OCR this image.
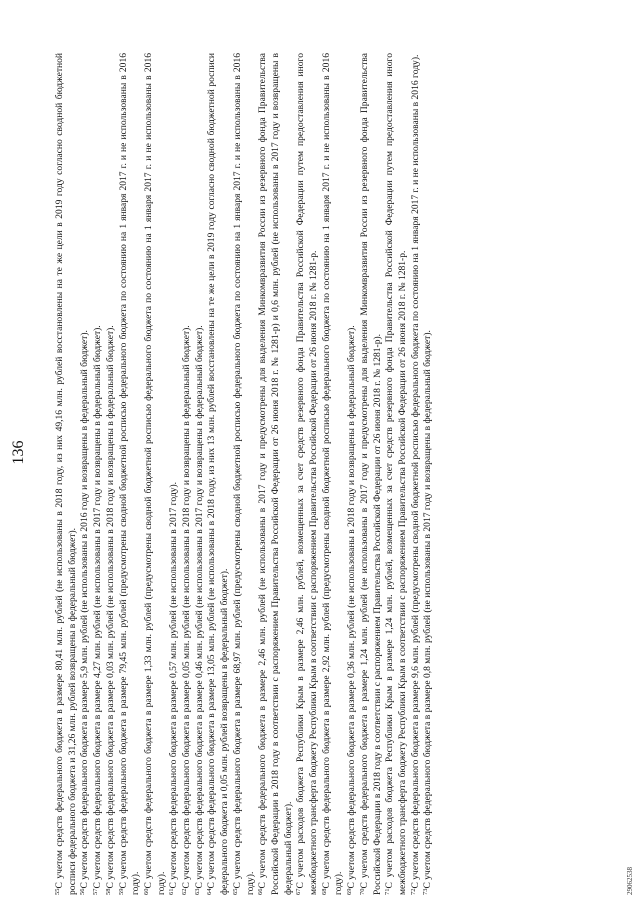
136

$^{55}$С учетом средств федерального бюджета в размере 80,41 млн. рублей (не использованы в 2018 году, из них 49,16 млн. рублей восстановлены на те же цели в 2019 году согласно сводной бюджетной росписи федерального бюджета и 31,26 млн. рублей возвращены в федеральный бюджет). $^{56}$С учетом средств федерального бюджета в размере 5,9 млн. рублей (не использованы в 2016 году и возвращены в федеральный бюджет).

$^{57}$С учетом средств федерального бюджета в размере 4,27 млн. рублей (не использованы в 2017 году и возвращены в федеральный бюджет).

$^{58}$С учетом средств федерального бюджета в размере 0,03 млн. рублей (не использованы в 2018 году и возвращены в федеральный бюджет).

$^{59}$С учетом средств федерального бюджета в размере 79,45 млн. рублей (предусмотрены сводной бюджетной росписью федерального бюджета по состоянию на 1 января 2017 г. и не использованы в 2016 году). $^{60}$С учетом средств федерального бюджета в размере 1,33 млн. рублей (предусмотрены сводной бюджетной росписью федерального бюджета по состоянию на 1 января 2017 г. и не использованы в 2016 году). $^{61}$С учетом средств федерального бюджета в размере 0,57 млн. рублей (не использованы в 2017 году).

$^{62}$С учетом средств федерального бюджета в размере 0,05 млн. рублей (не использованы в 2018 году и возвращены в федеральный бюджет).

$^{63}$С учетом средств федерального бюджета в размере 0,46 млн. рублей (не использованы в 2017 году и возвращены в федеральный бюджет).

$^{64}$С учетом средств федерального бюджета в размере 13,05 млн. рублей (не использованы в 2018 году, из них 13 млн. рублей восстановлены на те же цели в 2019 году согласно сводной бюджетной росписи федерального бюджета и 0,05 млн. рублей возвращены в федеральный бюджет). $^{65}$С учетом средств федерального бюджета в размере 68,97 млн. рублей (предусмотрены сводной бюджетной росписью федерального бюджета по состоянию на 1 января 2017 г. и не использованы в 2016 году). $^{66}$С учетом средств федерального бюджета в размере 2,46 млн. рублей (не использованы в 2017 году и предусмотрены для выделения Минкомвразвития России из резервного фонда Правительства Российской Федерации в 2018 году в соответствии с распоряжением Правительства Российской Федерации от 26 июня 2018 г. № 1281-р) и 0,6 млн. рублей (не использованы в 2017 году и возвращены в федеральный бюджет). $^{67}$С учетом расходов бюджета Республики Крым в размере 2,46 млн. рублей, возмещенных за счет средств резервного фонда Правительства Российской Федерации путем предоставления иного межбюджетного трансферта бюджету Республики Крым в соответствии с распоряжением Правительства Российской Федерации от 26 июня 2018 г. № 1281-р. $^{68}$С учетом средств федерального бюджета в размере 2,92 млн. рублей (предусмотрены сводной бюджетной росписью федерального бюджета по состоянию на 1 января 2017 г. и не использованы в 2016 году). $^{69}$С учетом средств федерального бюджета в размере 0,36 млн. рублей (не использованы в 2018 году и возвращены в федеральный бюджет).

$^{70}$С учетом средств федерального бюджета в размере 1,24 млн. рублей (не использованы в 2017 году и предусмотрены для выделения Минкомвразвития России из резервного фонда Правительства Российской Федерации в 2018 году в соответствии с распоряжением Правительства Российской Федерации от 26 июня 2018 г. № 1281-р). $^{71}$С учетом расходов бюджета Республики Крым в размере 1,24 млн. рублей, возмещенных за счет средств резервного фонда Правительства Российской Федерации путем предоставления иного межбюджетного трансферта бюджету Республики Крым в соответствии с распоряжением Правительства Российской Федерации от 26 июня 2018 г. № 1281-р. $^{72}$С учетом средств федерального бюджета в размере 9,6 млн. рублей (предусмотрены сводной бюджетной росписью федерального бюджета по состоянию на 1 января 2017 г. и не использованы в 2016 году).

$^{73}$С учетом средств федерального бюджета в размере 0,8 млн. рублей (не использованы в 2017 году и возвращены в федеральный бюджет).	29062538
